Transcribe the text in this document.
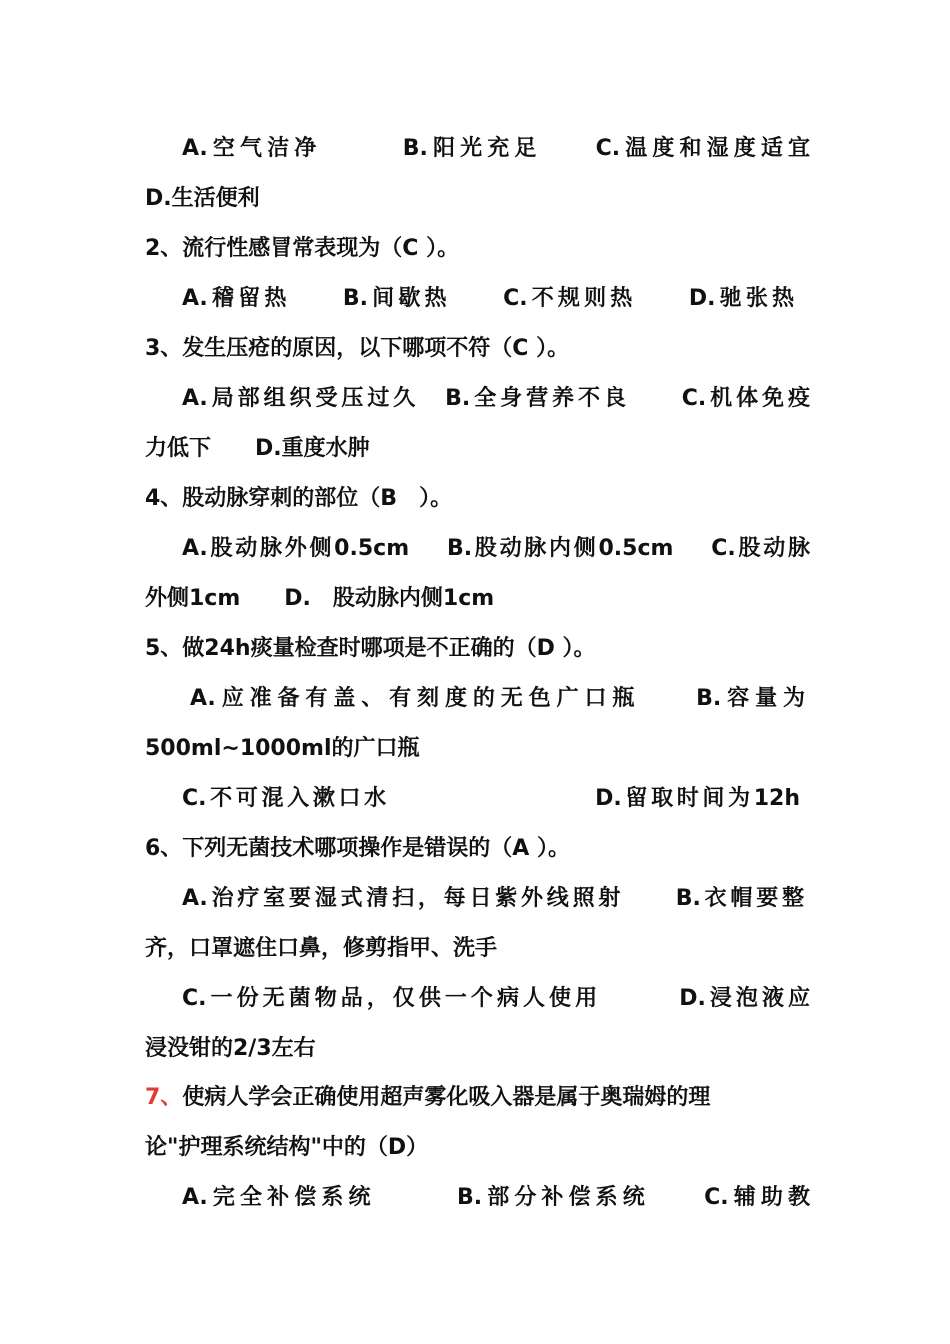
A.空气洁净　　　B.阳光充足　　C.温度和湿度适宜
D.生活便利
2、流行性感冒常表现为（C ）。
A.稽留热　　B.间歇热　　C.不规则热　　D.驰张热
3、发生压疮的原因，以下哪项不符（C ）。
A.局部组织受压过久　B.全身营养不良　　C.机体免疫
力低下　　D.重度水肿
4、股动脉穿刺的部位（B　）。
A.股动脉外侧0.5cm　 B.股动脉内侧0.5cm　 C.股动脉
外侧1cm　　D.　股动脉内侧1cm
5、做24h痰量检查时哪项是不正确的（D ）。
A.应准备有盖、有刻度的无色广口瓶　　B.容量为
500ml~1000ml的广口瓶
C.不可混入漱口水　　　　　　　　D.留取时间为12h
6、下列无菌技术哪项操作是错误的（A ）。
A.治疗室要湿式清扫，每日紫外线照射　　B.衣帽要整
齐，口罩遮住口鼻，修剪指甲、洗手
C.一份无菌物品，仅供一个病人使用　　　D.浸泡液应
浸没钳的2/3左右
7、使病人学会正确使用超声雾化吸入器是属于奥瑞姆的理
论"护理系统结构"中的（D）
A.完全补偿系统　　　B.部分补偿系统　　C.辅助教
